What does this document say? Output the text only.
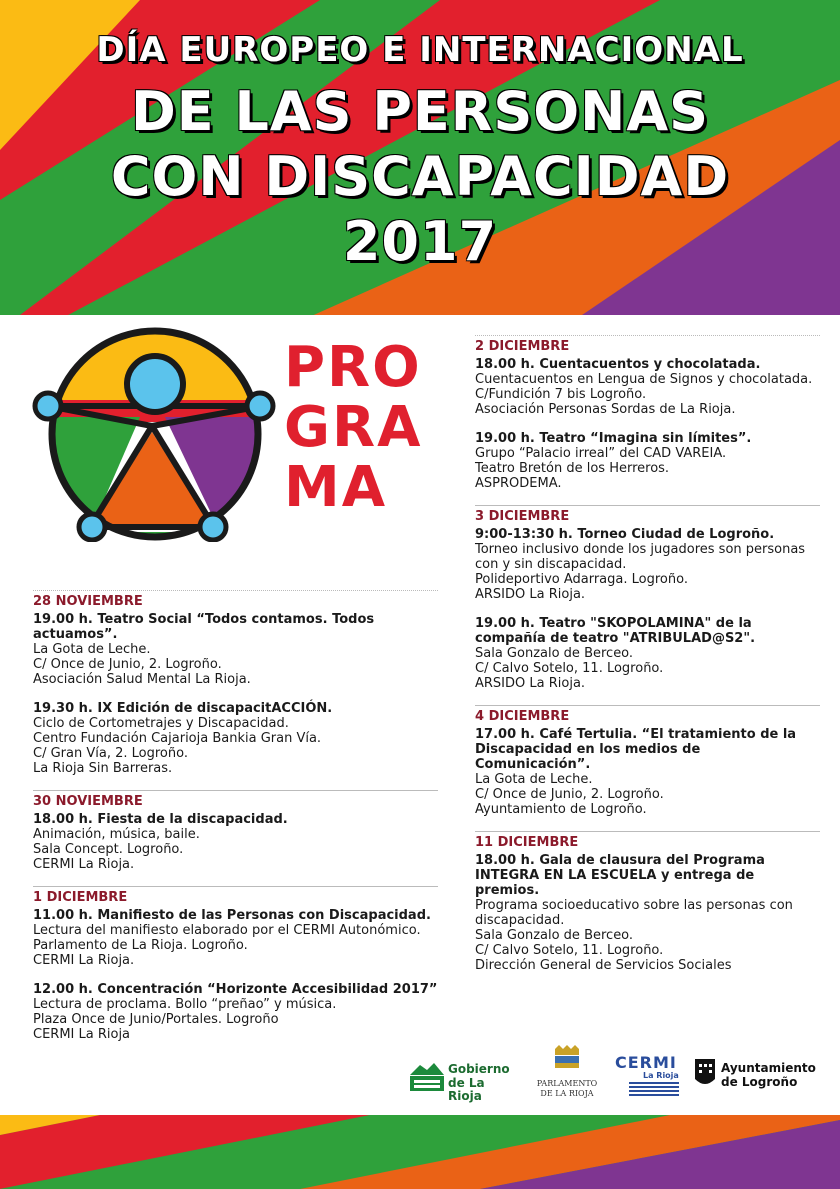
DÍA EUROPEO E INTERNACIONAL
DE LAS PERSONAS
CON DISCAPACIDAD
2017
PRO
GRA
MA
28 NOVIEMBRE
19.00 h. Teatro Social “Todos contamos. Todos actuamos”.
La Gota de Leche.
C/ Once de Junio, 2. Logroño.
Asociación Salud Mental La Rioja.
19.30 h. IX Edición de discapacitACCIÓN.
Ciclo de Cortometrajes y Discapacidad.
Centro Fundación Cajarioja Bankia Gran Vía.
C/ Gran Vía, 2. Logroño.
La Rioja Sin Barreras.
30 NOVIEMBRE
18.00 h. Fiesta de la discapacidad.
Animación, música, baile.
Sala Concept. Logroño.
CERMI La Rioja.
1 DICIEMBRE
11.00 h. Manifiesto de las Personas con Discapacidad.
Lectura del manifiesto elaborado por el CERMI Autonómico.
Parlamento de La Rioja. Logroño.
CERMI La Rioja.
12.00 h. Concentración “Horizonte Accesibilidad 2017”
Lectura de proclama. Bollo “preñao” y música.
Plaza Once de Junio/Portales. Logroño
CERMI La Rioja
2 DICIEMBRE
18.00 h. Cuentacuentos y chocolatada.
Cuentacuentos en Lengua de Signos y chocolatada.
C/Fundición 7 bis Logroño.
Asociación Personas Sordas de La Rioja.
19.00 h. Teatro “Imagina sin límites”.
Grupo “Palacio irreal” del CAD VAREIA.
Teatro Bretón de los Herreros.
ASPRODEMA.
3 DICIEMBRE
9:00-13:30 h. Torneo Ciudad de Logroño.
Torneo inclusivo donde los jugadores son personas con y sin discapacidad.
Polideportivo Adarraga. Logroño.
ARSIDO La Rioja.
19.00 h. Teatro "SKOPOLAMINA" de la compañía de teatro "ATRIBULAD@S2".
Sala Gonzalo de Berceo.
C/ Calvo Sotelo, 11. Logroño.
ARSIDO La Rioja.
4 DICIEMBRE
17.00 h. Café Tertulia. “El tratamiento de la Discapacidad en los medios de Comunicación”.
La Gota de Leche.
C/ Once de Junio, 2. Logroño.
Ayuntamiento de Logroño.
11 DICIEMBRE
18.00 h. Gala de clausura del Programa INTEGRA EN LA ESCUELA y entrega de premios.
Programa socioeducativo sobre las personas con discapacidad.
Sala Gonzalo de Berceo.
C/ Calvo Sotelo, 11. Logroño.
Dirección General de Servicios Sociales
Gobierno
de La Rioja
PARLAMENTO
DE LA RIOJA
CERMI
La Rioja
Ayuntamiento
de Logroño
